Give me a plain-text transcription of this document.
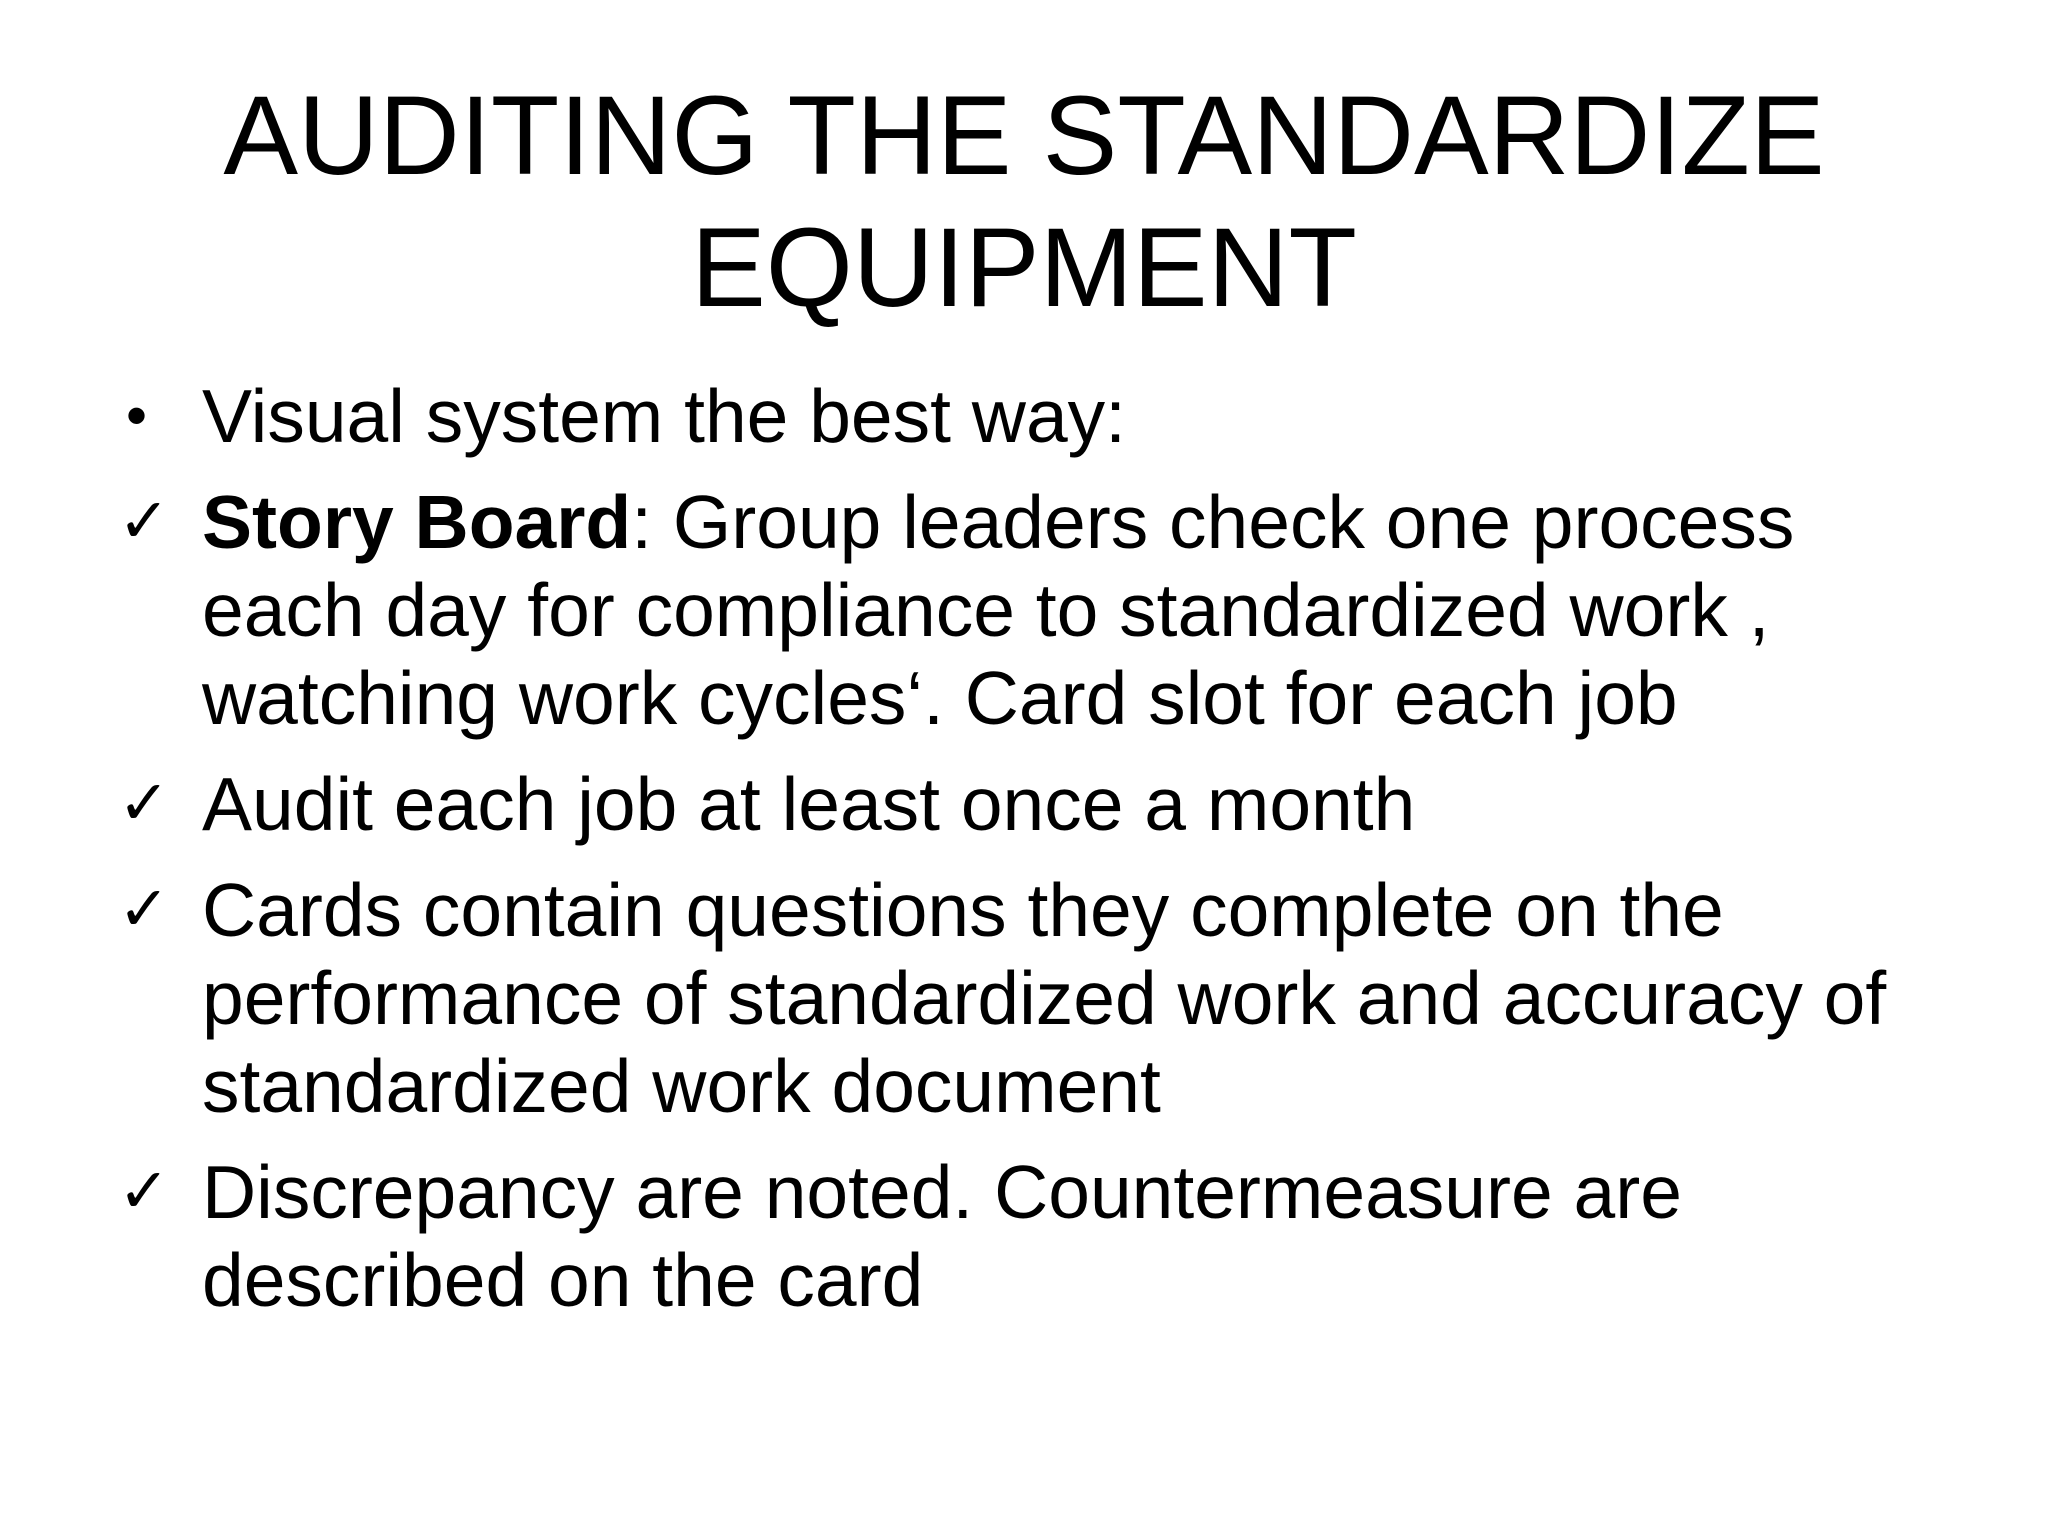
AUDITING THE STANDARDIZE
EQUIPMENT
• Visual system the best way:
✓ Story Board: Group leaders check one process each day for compliance to standardized work , watching work cycles‘. Card slot for each job
✓ Audit each job at least once a month
✓ Cards contain questions they complete on the performance of standardized work and accuracy of standardized work document
✓ Discrepancy are noted. Countermeasure are described on the card
